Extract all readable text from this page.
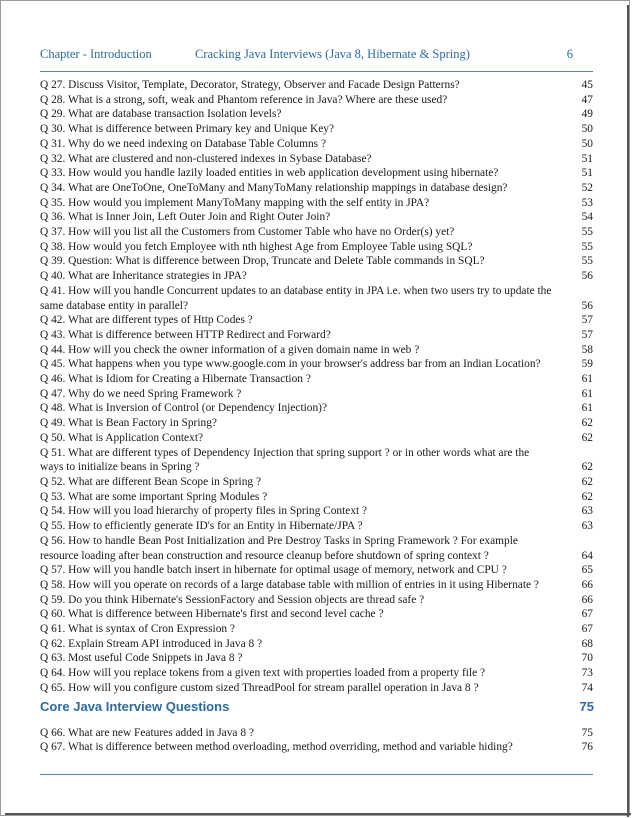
Chapter - Introduction	Cracking Java Interviews (Java 8, Hibernate & Spring)	6
Q 27. Discuss Visitor, Template, Decorator, Strategy, Observer and Facade Design Patterns?	45
Q 28. What is a strong, soft, weak and Phantom reference in Java? Where are these used?	47
Q 29. What are database transaction Isolation levels?	49
Q 30. What is difference between Primary key and Unique Key?	50
Q 31. Why do we need indexing on Database Table Columns ?	50
Q 32. What are clustered and non-clustered indexes in Sybase Database?	51
Q 33. How would you handle lazily loaded entities in web application development using hibernate?	51
Q 34. What are OneToOne, OneToMany and ManyToMany relationship mappings in database design?	52
Q 35. How would you implement ManyToMany mapping with the self entity in JPA?	53
Q 36. What is Inner Join, Left Outer Join and Right Outer Join?	54
Q 37. How will you list all the Customers from Customer Table who have no Order(s) yet?	55
Q 38. How would you fetch Employee with nth highest Age from Employee Table using SQL?	55
Q 39. Question: What is difference between Drop, Truncate and Delete Table commands in SQL?	55
Q 40. What are Inheritance strategies in JPA?	56
Q 41. How will you handle Concurrent updates to an database entity in JPA i.e. when two users try to update the
same database entity in parallel?	56
Q 42. What are different types of Http Codes ?	57
Q 43. What is difference between HTTP Redirect and Forward?	57
Q 44. How will you check the owner information of a given domain name in web ?	58
Q 45. What happens when you type www.google.com in your browser's address bar from an Indian Location?	59
Q 46. What is Idiom for Creating a Hibernate Transaction ?	61
Q 47. Why do we need Spring Framework ?	61
Q 48. What is Inversion of Control (or Dependency Injection)?	61
Q 49. What is Bean Factory in Spring?	62
Q 50. What is Application Context?	62
Q 51. What are different types of Dependency Injection that spring support ? or in other words what are the
ways to initialize beans in Spring ?	62
Q 52. What are different Bean Scope in Spring ?	62
Q 53. What are some important Spring Modules ?	62
Q 54. How will you load hierarchy of property files in Spring Context ?	63
Q 55. How to efficiently generate ID's for an Entity in Hibernate/JPA ?	63
Q 56. How to handle Bean Post Initialization and Pre Destroy Tasks in Spring Framework ? For example
resource loading after bean construction and resource cleanup before shutdown of spring context ?	64
Q 57. How will you handle batch insert in hibernate for optimal usage of memory, network and CPU ?	65
Q 58. How will you operate on records of a large database table with million of entries in it using Hibernate ?	66
Q 59. Do you think Hibernate's SessionFactory and Session objects are thread safe ?	66
Q 60. What is difference between Hibernate's first and second level cache ?	67
Q 61. What is syntax of Cron Expression ?	67
Q 62. Explain Stream API introduced in Java 8 ?	68
Q 63. Most useful Code Snippets in Java 8 ?	70
Q 64. How will you replace tokens from a given text with properties loaded from a property file ?	73
Q 65. How will you configure custom sized ThreadPool for stream parallel operation in Java 8 ?	74
Core Java Interview Questions	75
Q 66. What are new Features added in Java 8 ?	75
Q 67. What is difference between method overloading, method overriding, method and variable hiding?	76
